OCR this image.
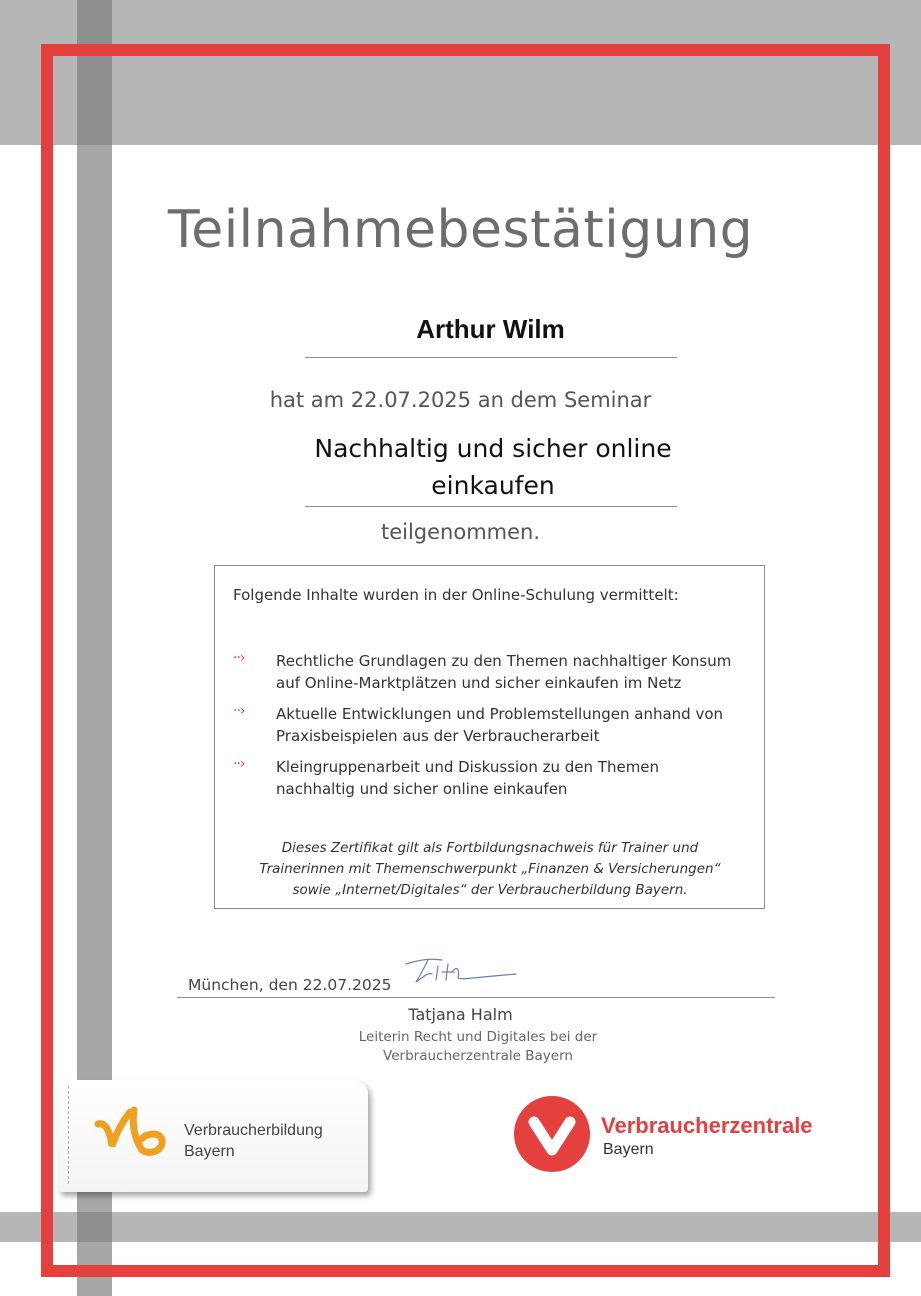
Teilnahmebestätigung
Arthur Wilm
hat am 22.07.2025 an dem Seminar
Nachhaltig und sicher online
einkaufen
teilgenommen.
Folgende Inhalte wurden in der Online-Schulung vermittelt:
··›	Rechtliche Grundlagen zu den Themen nachhaltiger Konsum
auf Online-Marktplätzen und sicher einkaufen im Netz
··›	Aktuelle Entwicklungen und Problemstellungen anhand von
Praxisbeispielen aus der Verbraucherarbeit
··›	Kleingruppenarbeit und Diskussion zu den Themen
nachhaltig und sicher online einkaufen
Dieses Zertifikat gilt als Fortbildungsnachweis für Trainer und
Trainerinnen mit Themenschwerpunkt „Finanzen & Versicherungen“
sowie „Internet/Digitales“ der Verbraucherbildung Bayern.
München, den 22.07.2025
Tatjana Halm
Leiterin Recht und Digitales bei der
Verbraucherzentrale Bayern
Verbraucherbildung
Bayern
Verbraucherzentrale
Bayern
